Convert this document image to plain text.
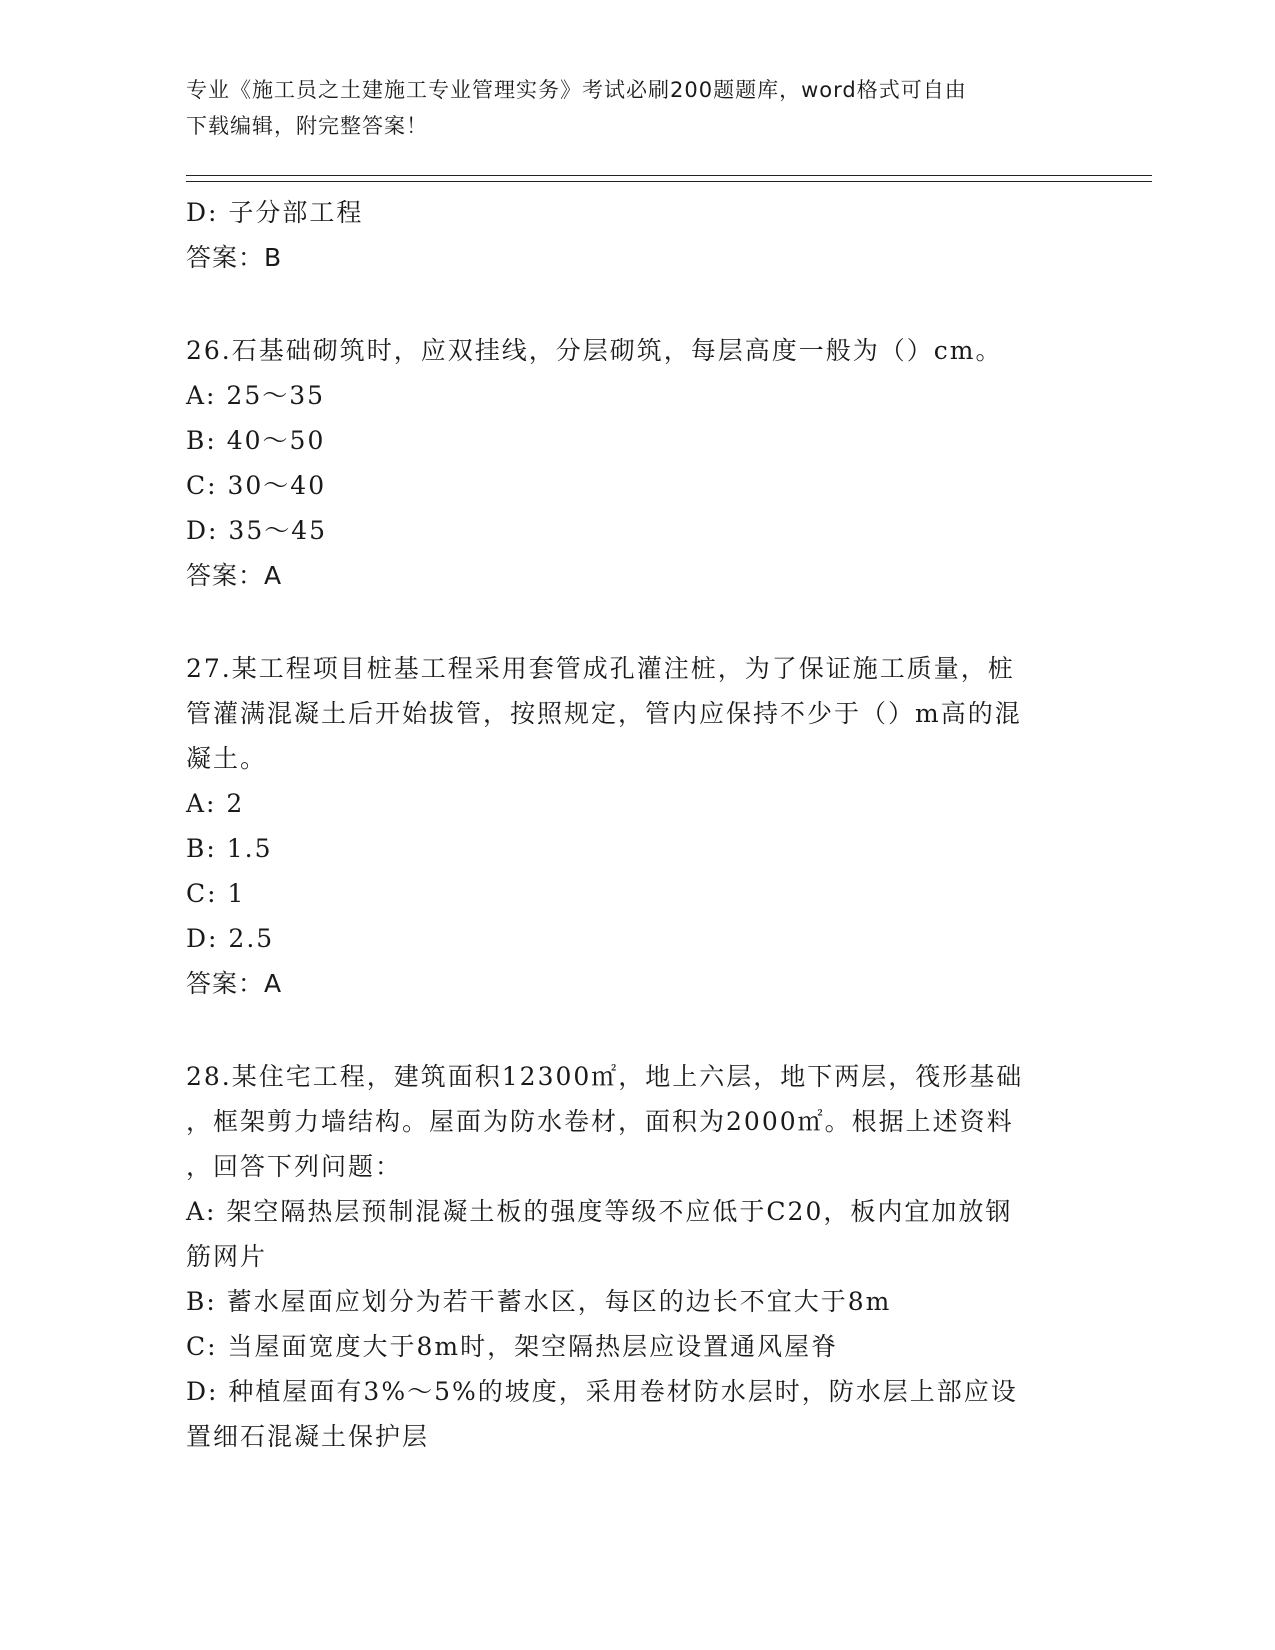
专业《施工员之土建施工专业管理实务》考试必刷200题题库，word格式可自由
下载编辑，附完整答案！
D: 子分部工程
答案：B
26.石基础砌筑时，应双挂线，分层砌筑，每层高度一般为（）cm。
A: 25～35
B: 40～50
C: 30～40
D: 35～45
答案：A
27.某工程项目桩基工程采用套管成孔灌注桩，为了保证施工质量，桩
管灌满混凝土后开始拔管，按照规定，管内应保持不少于（）m高的混
凝土。
A: 2
B: 1.5
C: 1
D: 2.5
答案：A
28.某住宅工程，建筑面积12300㎡，地上六层，地下两层，筏形基础
，框架剪力墙结构。屋面为防水卷材，面积为2000㎡。根据上述资料
，回答下列问题：
A: 架空隔热层预制混凝土板的强度等级不应低于C20，板内宜加放钢
筋网片
B: 蓄水屋面应划分为若干蓄水区，每区的边长不宜大于8m
C: 当屋面宽度大于8m时，架空隔热层应设置通风屋脊
D: 种植屋面有3%～5%的坡度，采用卷材防水层时，防水层上部应设
置细石混凝土保护层
